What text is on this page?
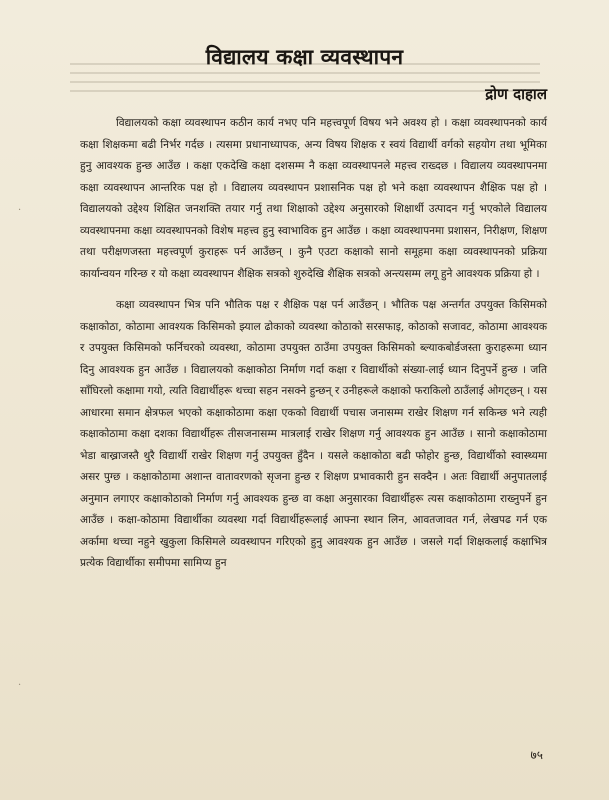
विद्यालय कक्षा व्यवस्थापन
द्रोण दाहाल

विद्यालयको कक्षा व्यवस्थापन कठीन कार्य नभए पनि महत्त्वपूर्ण विषय भने अवश्य हो । कक्षा व्यवस्थापनको कार्य कक्षा शिक्षकमा बढी निर्भर गर्दछ । त्यसमा प्रधानाध्यापक, अन्य विषय शिक्षक र स्वयं विद्यार्थी वर्गको सहयोग तथा भूमिका हुनु आवश्यक हुन्छ आउँछ । कक्षा एकदेखि कक्षा दशसम्म नै कक्षा व्यवस्थापनले महत्त्व राख्दछ । विद्यालय व्यवस्थापनमा कक्षा व्यवस्थापन आन्तरिक पक्ष हो । विद्यालय व्यवस्थापन प्रशासनिक पक्ष हो भने कक्षा व्यवस्थापन शैक्षिक पक्ष हो । विद्यालयको उद्देश्य शिक्षित जनशक्ति तयार गर्नु तथा शिक्षाको उद्देश्य अनुसारको शिक्षार्थी उत्पादन गर्नु भएकोले विद्यालय व्यवस्थापनमा कक्षा व्यवस्थापनको विशेष महत्त्व हुनु स्वाभाविक हुन आउँछ । कक्षा व्यवस्थापनमा प्रशासन, निरीक्षण, शिक्षण तथा परीक्षणजस्ता महत्त्वपूर्ण कुराहरू पर्न आउँछन् । कुनै एउटा कक्षाको सानो समूहमा कक्षा व्यवस्थापनको प्रक्रिया कार्यान्वयन गरिन्छ र यो कक्षा व्यवस्थापन शैक्षिक सत्रको शुरुदेखि शैक्षिक सत्रको अन्त्यसम्म लगू हुने आवश्यक प्रक्रिया हो ।

कक्षा व्यवस्थापन भित्र पनि भौतिक पक्ष र शैक्षिक पक्ष पर्न आउँछन् । भौतिक पक्ष अन्तर्गत उपयुक्त किसिमको कक्षाकोठा, कोठामा आवश्यक किसिमको झ्याल ढोकाको व्यवस्था कोठाको सरसफाइ, कोठाको सजावट, कोठामा आवश्यक र उपयुक्त किसिमको फर्निचरको व्यवस्था, कोठामा उपयुक्त ठाउँमा उपयुक्त किसिमको ब्ल्याकबोर्डजस्ता कुराहरूमा ध्यान दिनु आवश्यक हुन आउँछ । विद्यालयको कक्षाकोठा निर्माण गर्दा कक्षा र विद्यार्थीको संख्या-लाई ध्यान दिनुपर्ने हुन्छ । जति साँघिरलो कक्षामा गयो, त्यति विद्यार्थीहरू थच्चा सहन नसक्ने हुन्छन् र उनीहरूले कक्षाको फराकिलो ठाउँलाई ओगट्छन् । यस आधारमा समान क्षेत्रफल भएको कक्षाकोठामा कक्षा एकको विद्यार्थी पचास जनासम्म राखेर शिक्षण गर्न सकिन्छ भने त्यही कक्षाकोठामा कक्षा दशका विद्यार्थीहरू तीसजनासम्म मात्रलाई राखेर शिक्षण गर्नु आवश्यक हुन आउँछ । सानो कक्षाकोठामा भेडा बाख्राजस्तै थुरै विद्यार्थी राखेर शिक्षण गर्नु उपयुक्त हुँदैन । यसले कक्षाकोठा बढी फोहोर हुन्छ, विद्यार्थीको स्वास्थ्यमा असर पुग्छ । कक्षाकोठामा अशान्त वातावरणको सृजना हुन्छ र शिक्षण प्रभावकारी हुन सक्दैन । अतः विद्यार्थी अनुपातलाई अनुमान लगाएर कक्षाकोठाको निर्माण गर्नु आवश्यक हुन्छ वा कक्षा अनुसारका विद्यार्थीहरू त्यस कक्षाकोठामा राख्नुपर्ने हुन आउँछ । कक्षा-कोठामा विद्यार्थीका व्यवस्था गर्दा विद्यार्थीहरूलाई आफ्ना स्थान लिन, आवतजावत गर्न, लेखपढ गर्न एक अर्कामा थच्चा नहुने खुकुला किसिमले व्यवस्थापन गरिएको हुनु आवश्यक हुन आउँछ । जसले गर्दा शिक्षकलाई कक्षाभित्र प्रत्येक विद्यार्थीका समीपमा सामिप्य हुन

·
·
७५
